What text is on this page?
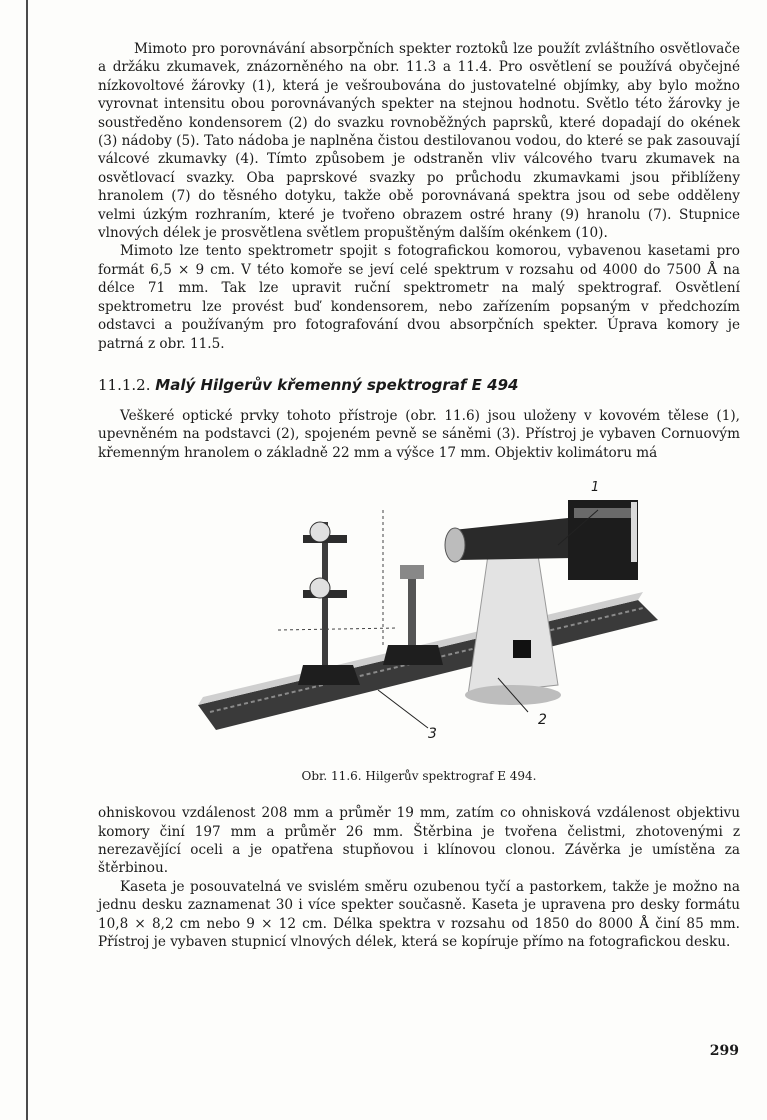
Mimoto pro porovnávání absorpčních spekter roztoků lze použít zvláštního osvětlovače a držáku zkumavek, znázorněného na obr. 11.3 a 11.4. Pro osvětlení se používá obyčejné nízkovoltové žárovky (1), která je vešroubována do justovatelné objímky, aby bylo možno vyrovnat intensitu obou porovnávaných spekter na stejnou hodnotu. Světlo této žárovky je soustředěno kondensorem (2) do svazku rovnoběžných paprsků, které dopadají do okének (3) nádoby (5). Tato nádoba je naplněna čistou destilovanou vodou, do které se pak zasouvají válcové zkumavky (4). Tímto způsobem je odstraněn vliv válcového tvaru zkumavek na osvětlovací svazky. Oba paprskové svazky po průchodu zkumavkami jsou přiblíženy hranolem (7) do těsného dotyku, takže obě porovnávaná spektra jsou od sebe odděleny velmi úzkým rozhraním, které je tvořeno obrazem ostré hrany (9) hranolu (7). Stupnice vlnových délek je prosvětlena světlem propuštěným dalším okénkem (10).

Mimoto lze tento spektrometr spojit s fotografickou komorou, vybavenou kasetami pro formát 6,5 × 9 cm. V této komoře se jeví celé spektrum v rozsahu od 4000 do 7500 Å na délce 71 mm. Tak lze upravit ruční spektrometr na malý spektrograf. Osvětlení spektrometru lze provést buď kondensorem, nebo zařízením popsaným v předchozím odstavci a používaným pro fotografování dvou absorpčních spekter. Úprava komory je patrná z obr. 11.5.

11.1.2. Malý Hilgerův křemenný spektrograf E 494

Veškeré optické prvky tohoto přístroje (obr. 11.6) jsou uloženy v kovovém tělese (1), upevněném na podstavci (2), spojeném pevně se sáněmi (3). Přístroj je vybaven Cornuovým křemenným hranolem o základně 22 mm a výšce 17 mm. Objektiv kolimátoru má

1
2
3
Obr. 11.6. Hilgerův spektrograf E 494.

ohniskovou vzdálenost 208 mm a průměr 19 mm, zatím co ohnisková vzdálenost objektivu komory činí 197 mm a průměr 26 mm. Štěrbina je tvořena čelistmi, zhotovenými z nerezavějící oceli a je opatřena stupňovou i klínovou clonou. Závěrka je umístěna za štěrbinou.

Kaseta je posouvatelná ve svislém směru ozubenou tyčí a pastorkem, takže je možno na jednu desku zaznamenat 30 i více spekter současně. Kaseta je upravena pro desky formátu 10,8 × 8,2 cm nebo 9 × 12 cm. Délka spektra v rozsahu od 1850 do 8000 Å činí 85 mm. Přístroj je vybaven stupnicí vlnových délek, která se kopíruje přímo na fotografickou desku.

299
